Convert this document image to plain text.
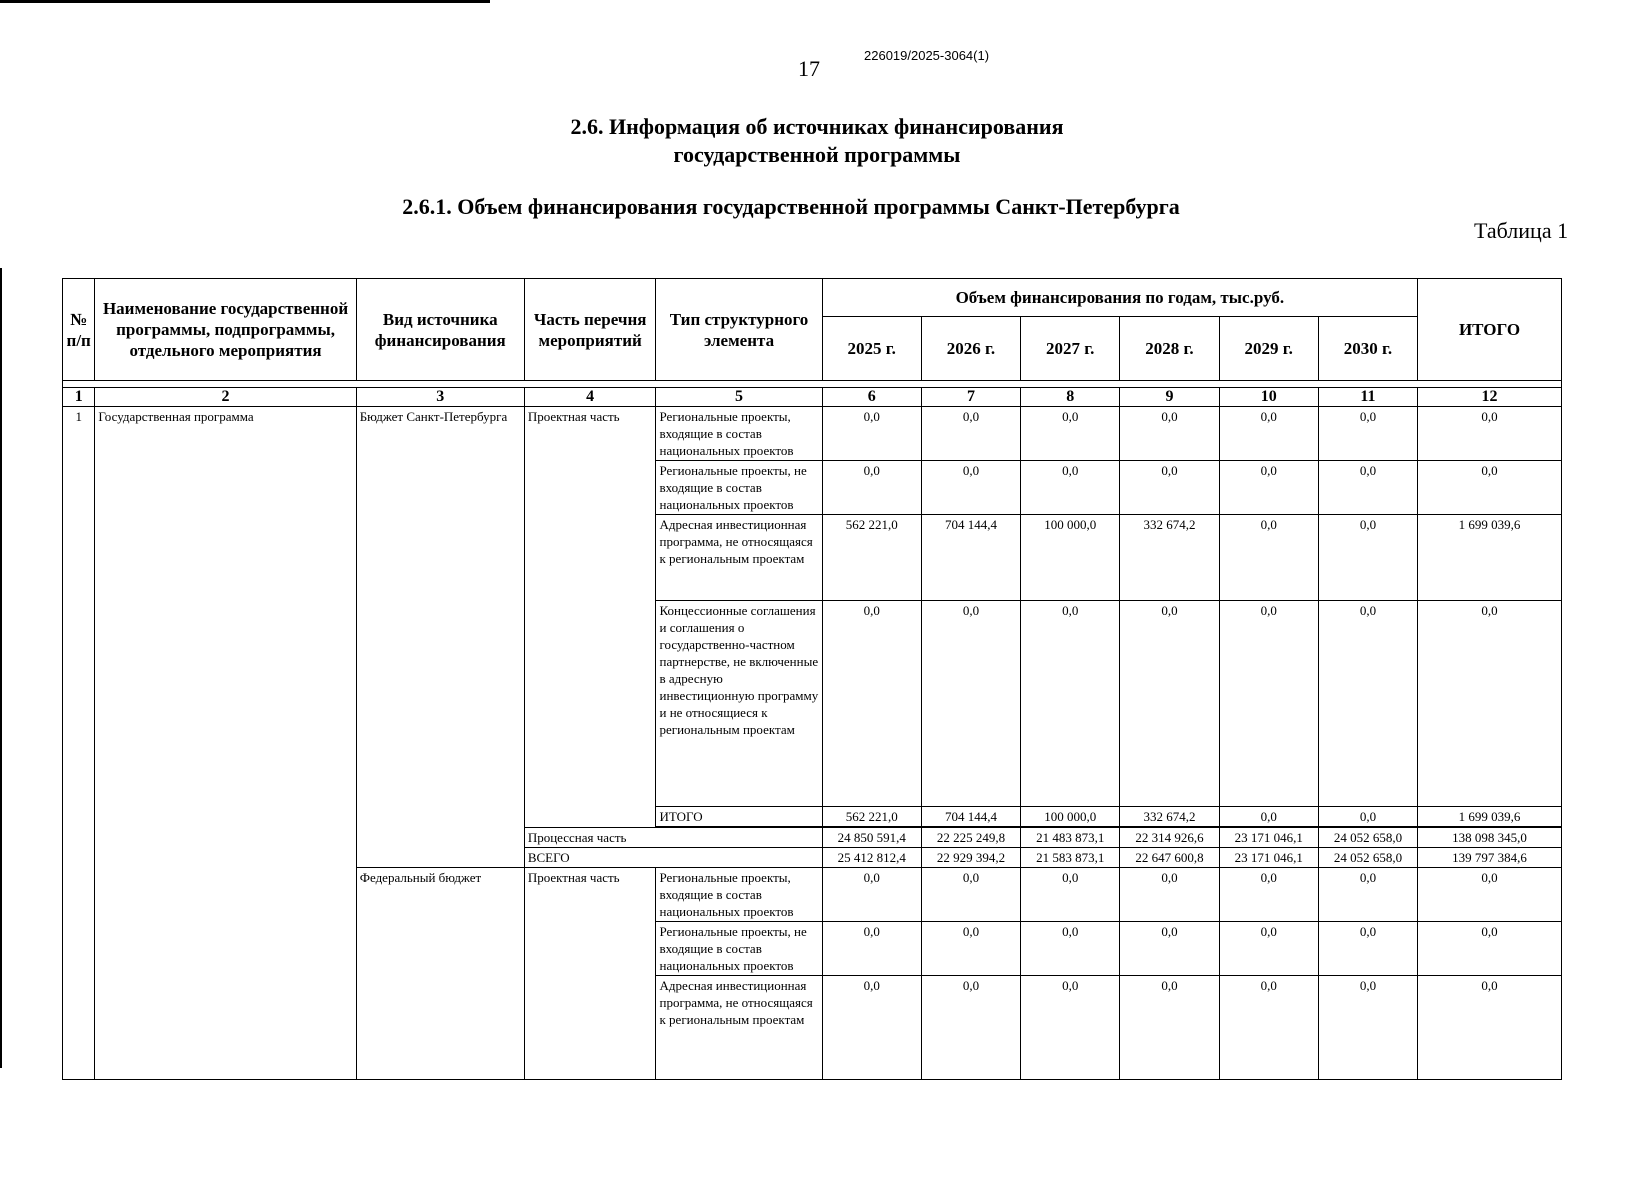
226019/2025-3064(1)
17
2.6. Информация об источниках финансирования
государственной программы
2.6.1. Объем финансирования государственной программы Санкт-Петербурга
Таблица 1
№ п/п	Наименование государственной программы, подпрограммы, отдельного мероприятия	Вид источника финансирования	Часть перечня мероприятий	Тип структурного элемента	Объем финансирования по годам, тыс.руб.						ИТОГО
					2025 г.	2026 г.	2027 г.	2028 г.	2029 г.	2030 г.	

1	2	3	4	5	6	7	8	9	10	11	12
1	Государственная программа	Бюджет Санкт-Петербурга	Проектная часть	Региональные проекты, входящие в состав национальных проектов	0,0	0,0	0,0	0,0	0,0	0,0	0,0
				Региональные проекты, не входящие в состав национальных проектов	0,0	0,0	0,0	0,0	0,0	0,0	0,0
				Адресная инвестиционная программа, не относящаяся к региональным проектам	562 221,0	704 144,4	100 000,0	332 674,2	0,0	0,0	1 699 039,6
				Концессионные соглашения и соглашения о государственно-частном партнерстве, не включенные в адресную инвестиционную программу и не относящиеся к региональным проектам	0,0	0,0	0,0	0,0	0,0	0,0	0,0
				ИТОГО	562 221,0	704 144,4	100 000,0	332 674,2	0,0	0,0	1 699 039,6

			Процессная часть		24 850 591,4	22 225 249,8	21 483 873,1	22 314 926,6	23 171 046,1	24 052 658,0	138 098 345,0
			ВСЕГО		25 412 812,4	22 929 394,2	21 583 873,1	22 647 600,8	23 171 046,1	24 052 658,0	139 797 384,6
		Федеральный бюджет	Проектная часть	Региональные проекты, входящие в состав национальных проектов	0,0	0,0	0,0	0,0	0,0	0,0	0,0
				Региональные проекты, не входящие в состав национальных проектов	0,0	0,0	0,0	0,0	0,0	0,0	0,0
				Адресная инвестиционная программа, не относящаяся к региональным проектам	0,0	0,0	0,0	0,0	0,0	0,0	0,0
